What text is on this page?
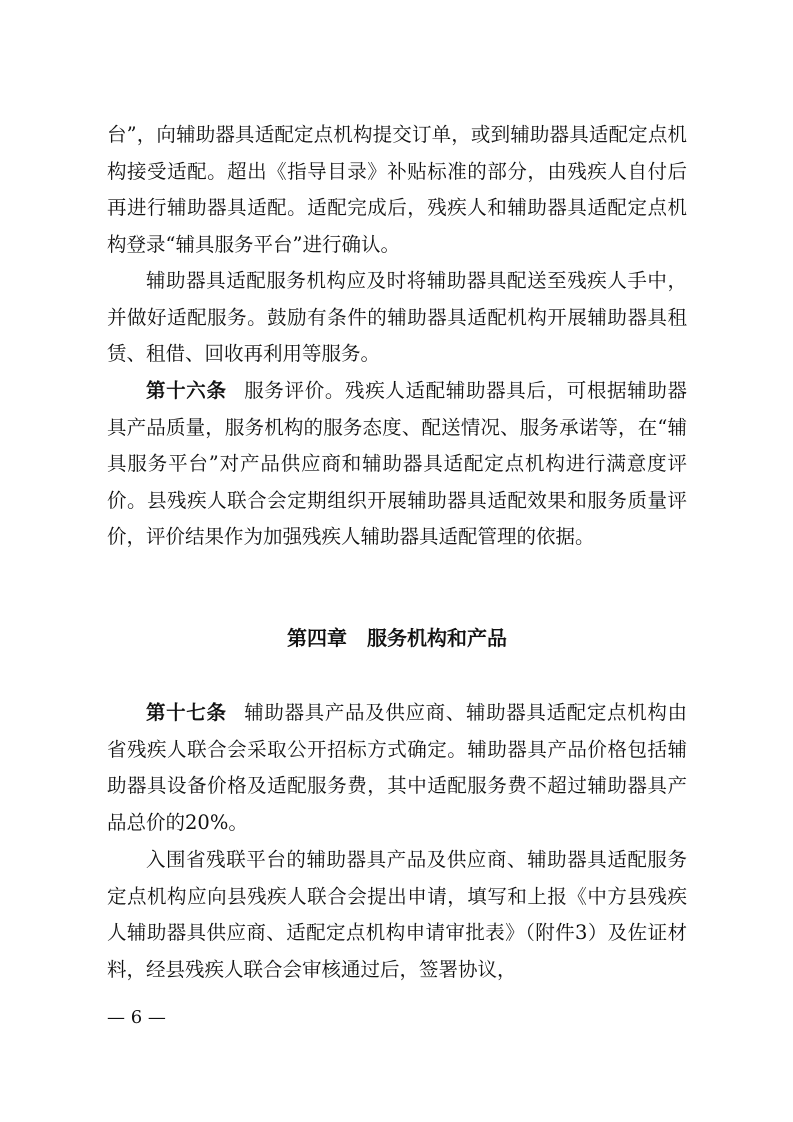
台”，向辅助器具适配定点机构提交订单，或到辅助器具适配定点机构接受适配。超出《指导目录》补贴标准的部分，由残疾人自付后再进行辅助器具适配。适配完成后，残疾人和辅助器具适配定点机构登录“辅具服务平台”进行确认。
辅助器具适配服务机构应及时将辅助器具配送至残疾人手中，并做好适配服务。鼓励有条件的辅助器具适配机构开展辅助器具租赁、租借、回收再利用等服务。
第十六条 服务评价。残疾人适配辅助器具后，可根据辅助器具产品质量，服务机构的服务态度、配送情况、服务承诺等，在“辅具服务平台”对产品供应商和辅助器具适配定点机构进行满意度评价。县残疾人联合会定期组织开展辅助器具适配效果和服务质量评价，评价结果作为加强残疾人辅助器具适配管理的依据。
第四章　服务机构和产品
第十七条 辅助器具产品及供应商、辅助器具适配定点机构由省残疾人联合会采取公开招标方式确定。辅助器具产品价格包括辅助器具设备价格及适配服务费，其中适配服务费不超过辅助器具产品总价的20%。
入围省残联平台的辅助器具产品及供应商、辅助器具适配服务定点机构应向县残疾人联合会提出申请，填写和上报《中方县残疾人辅助器具供应商、适配定点机构申请审批表》（附件3）及佐证材料，经县残疾人联合会审核通过后，签署协议，
— 6 —
